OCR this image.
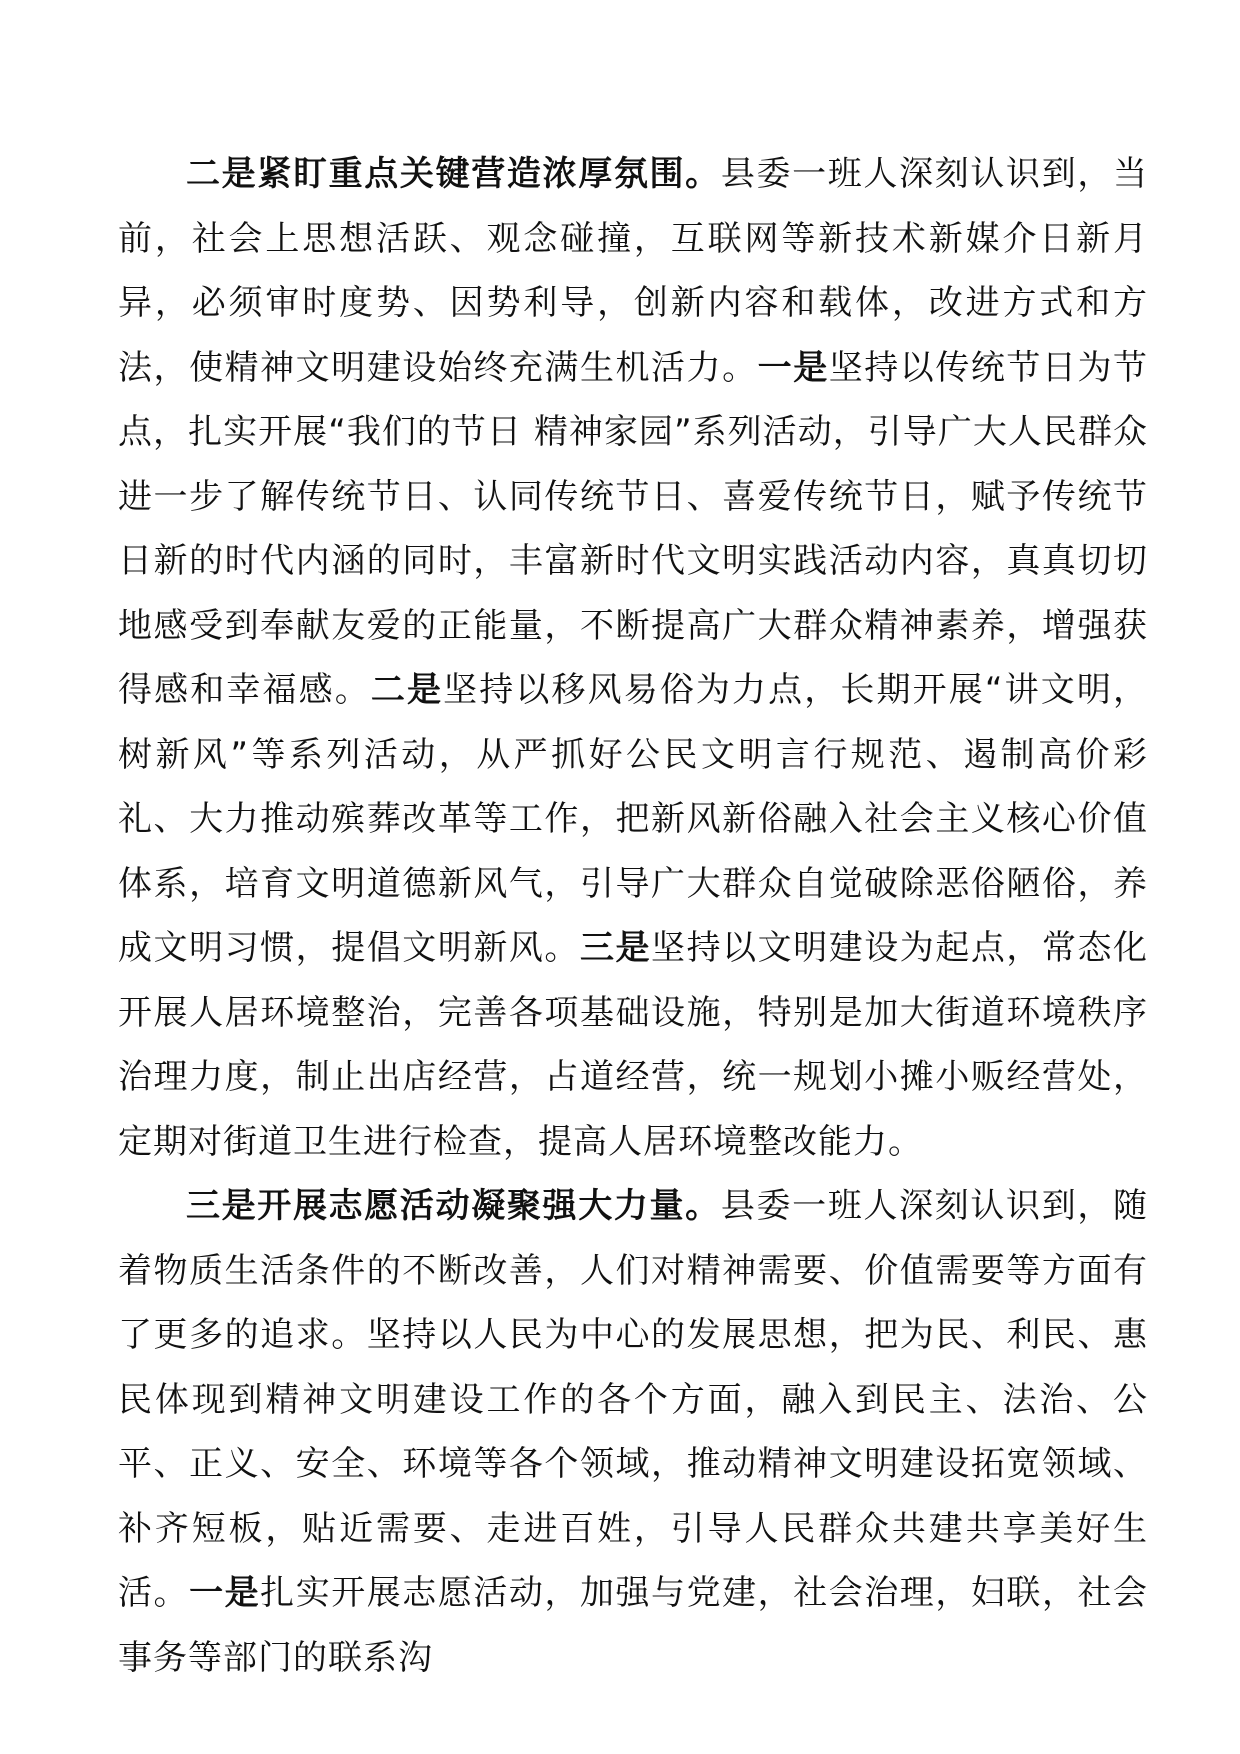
二是紧盯重点关键营造浓厚氛围。县委一班人深刻认识到，当前，社会上思想活跃、观念碰撞，互联网等新技术新媒介日新月异，必须审时度势、因势利导，创新内容和载体，改进方式和方法，使精神文明建设始终充满生机活力。一是坚持以传统节日为节点，扎实开展“我们的节日 精神家园”系列活动，引导广大人民群众进一步了解传统节日、认同传统节日、喜爱传统节日，赋予传统节日新的时代内涵的同时，丰富新时代文明实践活动内容，真真切切地感受到奉献友爱的正能量，不断提高广大群众精神素养，增强获得感和幸福感。二是坚持以移风易俗为力点，长期开展“讲文明，树新风”等系列活动，从严抓好公民文明言行规范、遏制高价彩礼、大力推动殡葬改革等工作，把新风新俗融入社会主义核心价值体系，培育文明道德新风气，引导广大群众自觉破除恶俗陋俗，养成文明习惯，提倡文明新风。三是坚持以文明建设为起点，常态化开展人居环境整治，完善各项基础设施，特别是加大街道环境秩序治理力度，制止出店经营，占道经营，统一规划小摊小贩经营处，定期对街道卫生进行检查，提高人居环境整改能力。

三是开展志愿活动凝聚强大力量。县委一班人深刻认识到，随着物质生活条件的不断改善，人们对精神需要、价值需要等方面有了更多的追求。坚持以人民为中心的发展思想，把为民、利民、惠民体现到精神文明建设工作的各个方面，融入到民主、法治、公平、正义、安全、环境等各个领域，推动精神文明建设拓宽领域、补齐短板，贴近需要、走进百姓，引导人民群众共建共享美好生活。一是扎实开展志愿活动，加强与党建，社会治理，妇联，社会事务等部门的联系沟
